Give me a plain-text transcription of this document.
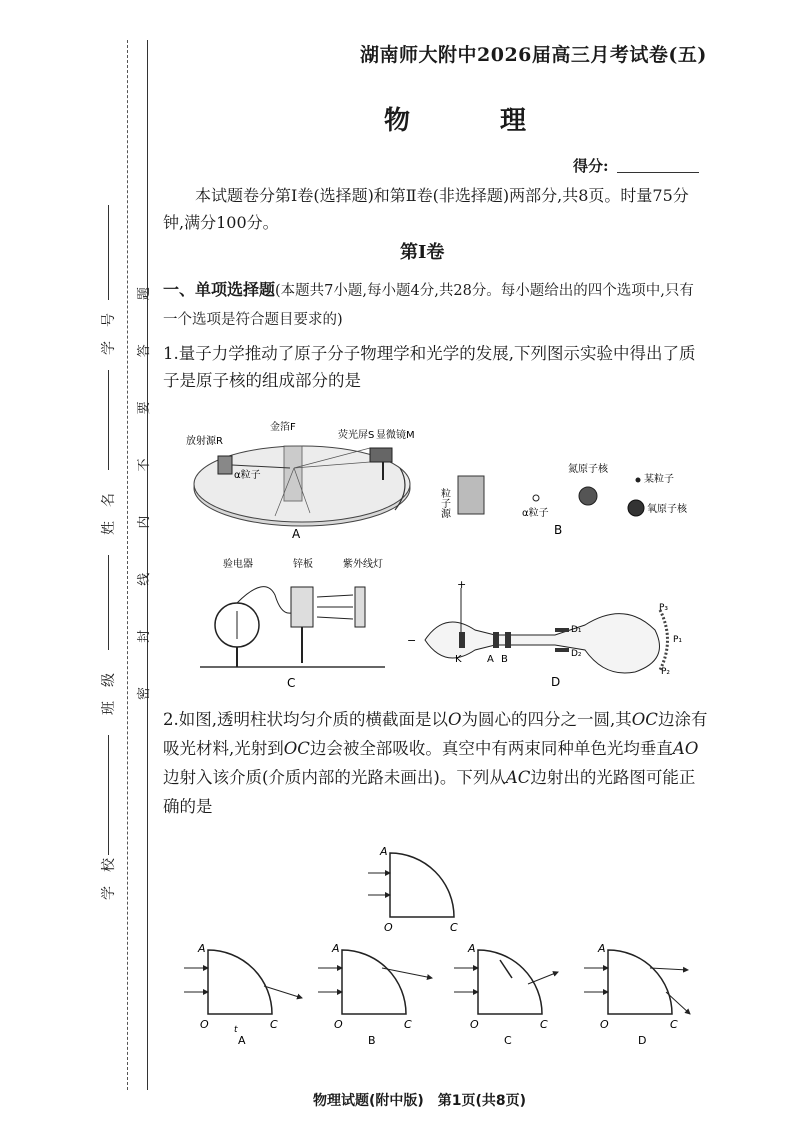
学　号
姓　名
班　级
学　校
密 封 线 内 不 要 答 题
湖南师大附中2026届高三月考试卷(五)
物　理
得分:
本试题卷分第Ⅰ卷(选择题)和第Ⅱ卷(非选择题)两部分,共8页。时量75分钟,满分100分。
第Ⅰ卷
一、单项选择题(本题共7小题,每小题4分,共28分。每小题给出的四个选项中,只有一个选项是符合题目要求的)
1.量子力学推动了原子分子物理学和光学的发展,下列图示实验中得出了质子是原子核的组成部分的是
放射源R
金箔F
荧光屏S 显微镜M
α粒子
A
粒子源	α粒子
氮原子核
某粒子
氧原子核
B
验电器	锌板	紫外线灯
C
+
−
K	A B
D₁
D₂
P₃
P₁
P₂
D
2.如图,透明柱状均匀介质的横截面是以O为圆心的四分之一圆,其OC边涂有吸光材料,光射到OC边会被全部吸收。真空中有两束同种单色光均垂直AO边射入该介质(介质内部的光路未画出)。下列从AC边射出的光路图可能正确的是
A
O	C
A
O	C
t
A
A
O	C
B
A
O	C
C
A
O	C
D
物理试题(附中版)　第1页(共8页)
